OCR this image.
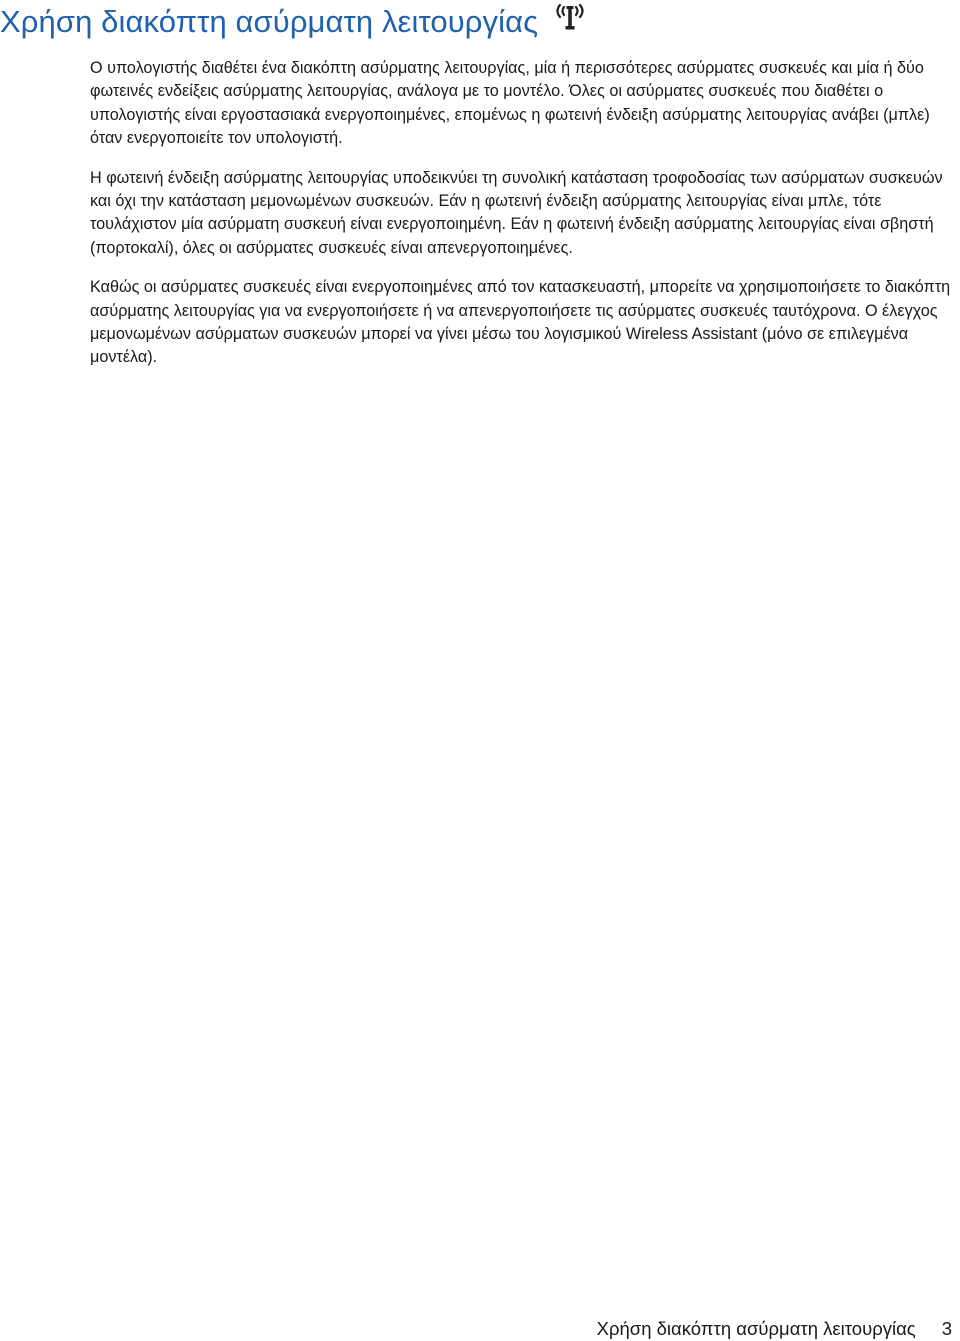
Χρήση διακόπτη ασύρματη λειτουργίας

Ο υπολογιστής διαθέτει ένα διακόπτη ασύρματης λειτουργίας, μία ή περισσότερες ασύρματες συσκευές και μία ή δύο φωτεινές ενδείξεις ασύρματης λειτουργίας, ανάλογα με το μοντέλο. Όλες οι ασύρματες συσκευές που διαθέτει ο υπολογιστής είναι εργοστασιακά ενεργοποιημένες, επομένως η φωτεινή ένδειξη ασύρματης λειτουργίας ανάβει (μπλε) όταν ενεργοποιείτε τον υπολογιστή.

Η φωτεινή ένδειξη ασύρματης λειτουργίας υποδεικνύει τη συνολική κατάσταση τροφοδοσίας των ασύρματων συσκευών και όχι την κατάσταση μεμονωμένων συσκευών. Εάν η φωτεινή ένδειξη ασύρματης λειτουργίας είναι μπλε, τότε τουλάχιστον μία ασύρματη συσκευή είναι ενεργοποιημένη. Εάν η φωτεινή ένδειξη ασύρματης λειτουργίας είναι σβηστή (πορτοκαλί), όλες οι ασύρματες συσκευές είναι απενεργοποιημένες.

Καθώς οι ασύρματες συσκευές είναι ενεργοποιημένες από τον κατασκευαστή, μπορείτε να χρησιμοποιήσετε το διακόπτη ασύρματης λειτουργίας για να ενεργοποιήσετε ή να απενεργοποιήσετε τις ασύρματες συσκευές ταυτόχρονα. Ο έλεγχος μεμονωμένων ασύρματων συσκευών μπορεί να γίνει μέσω του λογισμικού Wireless Assistant (μόνο σε επιλεγμένα μοντέλα).

Χρήση διακόπτη ασύρματη λειτουργίας 3
